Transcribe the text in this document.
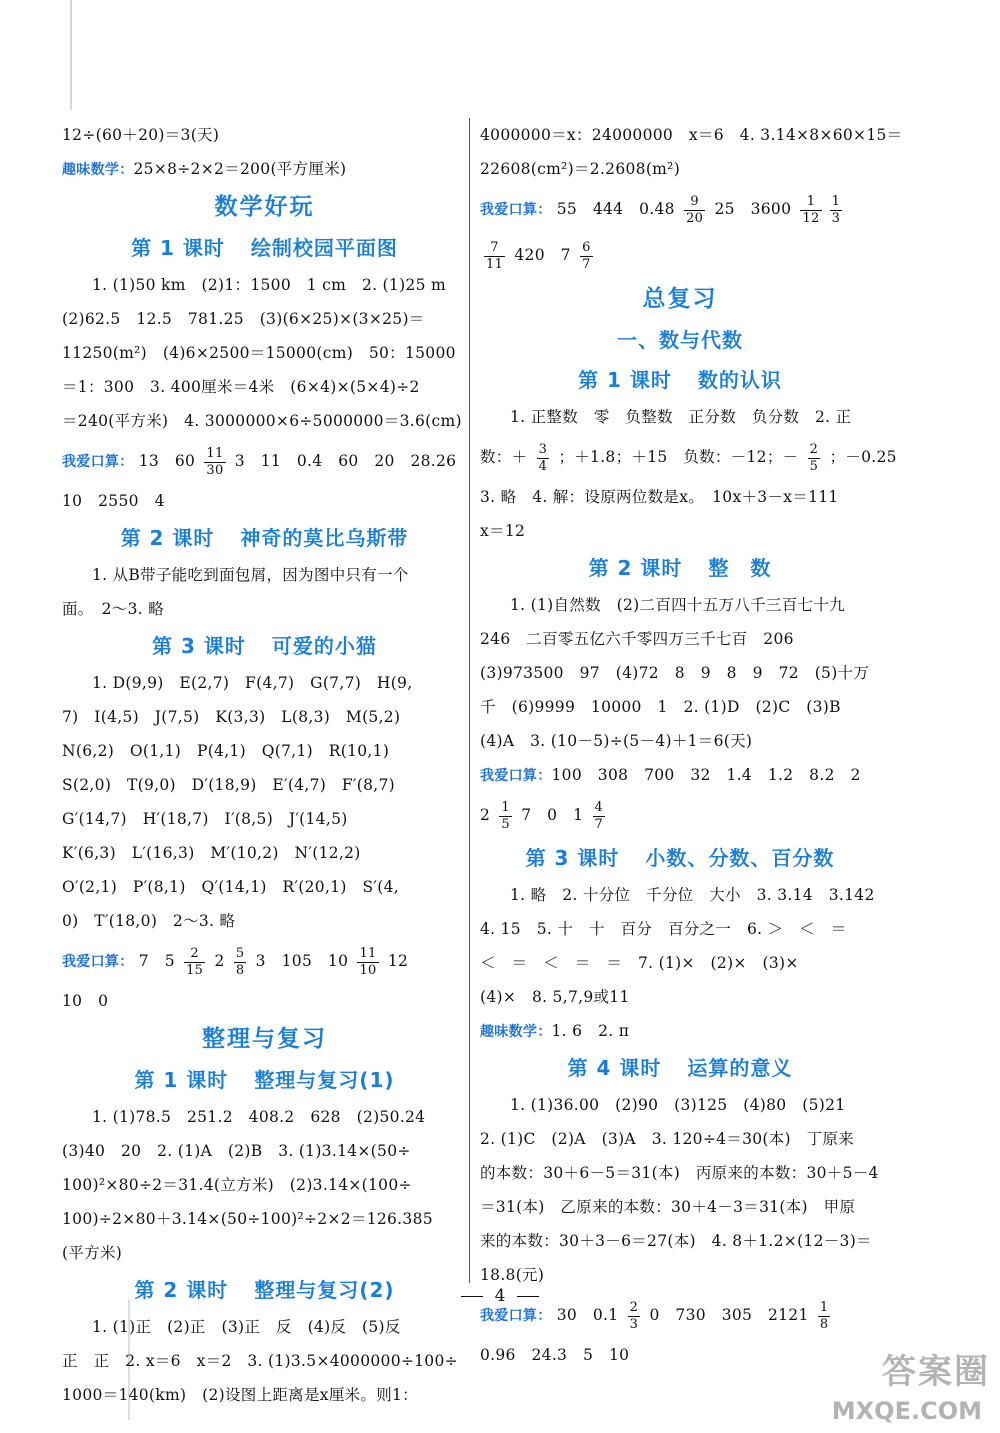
12÷(60＋20)＝3(天)
趣味数学：25×8÷2×2＝200(平方厘米)
数学好玩
第 1 课时 绘制校园平面图
1. (1)50 km　(2)1：1500　1 cm　2. (1)25 m
(2)62.5　12.5　781.25　(3)(6×25)×(3×25)＝
11250(m²)　(4)6×2500＝15000(cm)　50：15000
＝1：300　3. 400厘米＝4米　(6×4)×(5×4)÷2
＝240(平方米)　4. 3000000×6÷5000000＝3.6(cm)
我爱口算： 13　$60 \frac{11}{30} 3$　11　0.4　60　20　28.26
10　2550　4
第 2 课时 神奇的莫比乌斯带
1. 从B带子能吃到面包屑，因为图中只有一个
面。　2～3. 略
第 3 课时 可爱的小猫
1. D(9,9)　E(2,7)　F(4,7)　G(7,7)　H(9,
7)　I(4,5)　J(7,5)　K(3,3)　L(8,3)　M(5,2)
N(6,2)　O(1,1)　P(4,1)　Q(7,1)　R(10,1)
S(2,0)　T(9,0)　D′(18,9)　E′(4,7)　F′(8,7)
G′(14,7)　H′(18,7)　I′(8,5)　J′(14,5)
K′(6,3)　L′(16,3)　M′(10,2)　N′(12,2)
O′(2,1)　P′(8,1)　Q′(14,1)　R′(20,1)　S′(4,
0)　T′(18,0)　2～3. 略
我爱口算： 7　$5 \frac{2}{15} 2 \frac{5}{8} 3$　105　$10 \frac{11}{10} 12$
10　0
整理与复习
第 1 课时 整理与复习(1)
1. (1)78.5　251.2　408.2　628　(2)50.24
(3)40　20　2. (1)A　(2)B　3. (1)3.14×(50÷
100)²×80÷2＝31.4(立方米)　(2)3.14×(100÷
100)÷2×80＋3.14×(50÷100)²÷2×2＝126.385
(平方米)
第 2 课时 整理与复习(2)
1. (1)正　(2)正　(3)正　反　(4)反　(5)反
正　正　2. x＝6　x＝2　3. (1)3.5×4000000÷100÷
1000＝140(km)　(2)设图上距离是x厘米。则1：
4000000＝x：24000000　x＝6　4. 3.14×8×60×15＝
22608(cm²)＝2.2608(m²)
我爱口算： 55　444　$0.48 \frac{9}{20} 25$　$3600 \frac{1}{12} \frac{1}{3}$
$\frac{7}{11} 420$　$7 \frac{6}{7}$
总复习
一、数与代数
第 1 课时 数的认识
1. 正整数　零　负整数　正分数　负分数　2. 正
数：＋ $\frac{3}{4}$ ；＋1.8；＋15　负数：－12；－ $\frac{2}{5}$ ；－0.25
3. 略　4. 解：设原两位数是x。　10x＋3－x＝111
x＝12
第 2 课时 整　数
1. (1)自然数　(2)二百四十五万八千三百七十九
246　二百零五亿六千零四万三千七百　206
(3)973500　97　(4)72　8　9　8　9　72　(5)十万
千　(6)9999　10000　1　2. (1)D　(2)C　(3)B
(4)A　3. (10－5)÷(5－4)＋1＝6(天)
我爱口算：100　308　700　32　1.4　1.2　8.2　2
$2 \frac{1}{5} 7$　0　$1 \frac{4}{7}$
第 3 课时 小数、分数、百分数
1. 略　2. 十分位　千分位　大小　3. 3.14　3.142
4. 15　5. 十　十　百分　百分之一　6. ＞　＜　＝
＜　＝　＜　＝　＝　7. (1)×　(2)×　(3)×
(4)×　8. 5,7,9或11
趣味数学：1. 6　2. π
第 4 课时 运算的意义
1. (1)36.00　(2)90　(3)125　(4)80　(5)21
2. (1)C　(2)A　(3)A　3. 120÷4＝30(本)　丁原来
的本数：30＋6－5＝31(本)　丙原来的本数：30＋5－4
＝31(本)　乙原来的本数：30＋4－3＝31(本)　甲原
来的本数：30＋3－6＝27(本)　4. 8＋1.2×(12－3)＝
18.8(元)
我爱口算： 30　$0.1 \frac{2}{3} 0$　730　305　$2121 \frac{1}{8}$
0.96　24.3　5　10
4
答案圈
MXQE.COM
